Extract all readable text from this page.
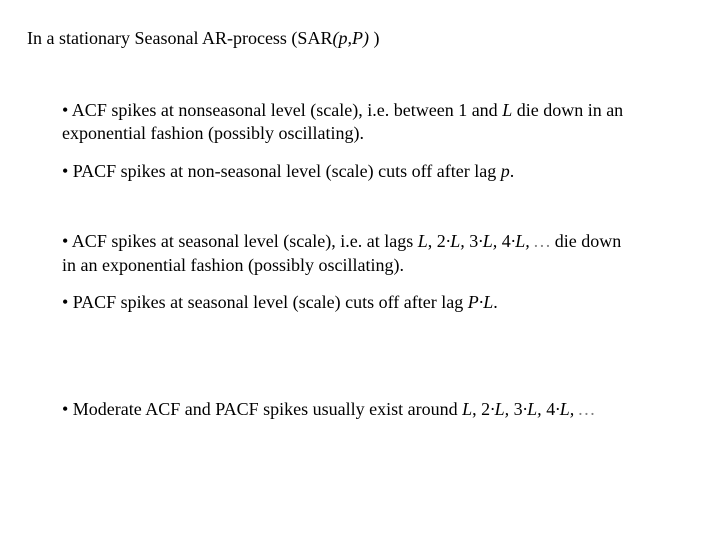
In a stationary Seasonal AR-process (SAR(p,P) )

• ACF spikes at nonseasonal level (scale), i.e. between 1 and L die down in an

exponential fashion (possibly oscillating).

• PACF spikes at non-seasonal level (scale) cuts off after lag p.

• ACF spikes at seasonal level (scale), i.e. at lags L, 2·L, 3·L, 4·L, … die down

in an exponential fashion (possibly oscillating).

• PACF spikes at seasonal level (scale) cuts off after lag P·L.

• Moderate ACF and PACF spikes usually exist around L, 2·L, 3·L, 4·L, …
